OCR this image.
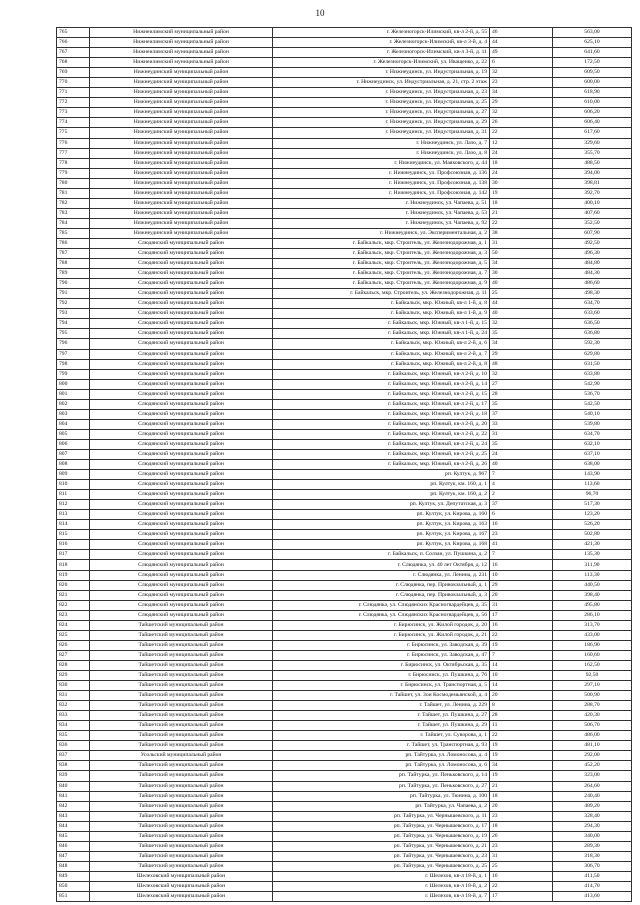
10
765	Нижнеилимский муниципальный район	г. Железногорск-Илимский, кв-л 2-й, д. 55	46	563,00
766	Нижнеилимский муниципальный район	г. Железногорск-Илимский, кв-л 3-й, д. 4	44	625,10
767	Нижнеилимский муниципальный район	г. Железногорск-Илимский, кв-л 3-й, д. 11	49	641,60
768	Нижнеилимский муниципальный район	г. Железногорск-Илимский, ул. Иващенко, д. 22	6	172,50
769	Нижнеудинский муниципальный район	г. Нижнеудинск, ул. Индустриальная, д. 19	32	609,50
770	Нижнеудинский муниципальный район	г. Нижнеудинск, ул. Индустриальная, д. 21, стр. 2 этаж	23	600,00
771	Нижнеудинский муниципальный район	г. Нижнеудинск, ул. Индустриальная, д. 23	34	618,90
772	Нижнеудинский муниципальный район	г. Нижнеудинск, ул. Индустриальная, д. 25	29	610,00
773	Нижнеудинский муниципальный район	г. Нижнеудинск, ул. Индустриальная, д. 27	32	606,20
774	Нижнеудинский муниципальный район	г. Нижнеудинск, ул. Индустриальная, д. 29	26	606,40
775	Нижнеудинский муниципальный район	г. Нижнеудинск, ул. Индустриальная, д. 31	22	617,60
776	Нижнеудинский муниципальный район	г. Нижнеудинск, ул. Лазо, д. 7	12	329,60
777	Нижнеудинский муниципальный район	г. Нижнеудинск, ул. Лазо, д. 8	24	355,70
778	Нижнеудинский муниципальный район	г. Нижнеудинск, ул. Маяковского, д. 44	18	488,50
779	Нижнеудинский муниципальный район	г. Нижнеудинск, ул. Профсоюзная, д. 136	24	394,00
780	Нижнеудинский муниципальный район	г. Нижнеудинск, ул. Профсоюзная, д. 138	30	398,81
781	Нижнеудинский муниципальный район	г. Нижнеудинск, ул. Профсоюзная, д. 142	19	392,70
782	Нижнеудинский муниципальный район	г. Нижнеудинск, ул. Чапаева, д. 51	18	400,10
783	Нижнеудинский муниципальный район	г. Нижнеудинск, ул. Чапаева, д. 53	21	407,60
784	Нижнеудинский муниципальный район	г. Нижнеудинск, ул. Чапаева, д. 92	22	352,50
785	Нижнеудинский муниципальный район	г. Нижнеудинск, ул. Экспериментальная, д. 2	38	607,90
786	Слюдянский муниципальный район	г. Байкальск, мкр. Строитель, ул. Железнодорожная, д. 1	31	492,50
787	Слюдянский муниципальный район	г. Байкальск, мкр. Строитель, ул. Железнодорожная, д. 3	50	496,30
788	Слюдянский муниципальный район	г. Байкальск, мкр. Строитель, ул. Железнодорожная, д. 5	34	484,80
789	Слюдянский муниципальный район	г. Байкальск, мкр. Строитель, ул. Железнодорожная, д. 7	30	484,30
790	Слюдянский муниципальный район	г. Байкальск, мкр. Строитель, ул. Железнодорожная, д. 9	40	486,60
791	Слюдянский муниципальный район	г. Байкальск, мкр. Строитель, ул. Железнодорожная, д. 11	25	498,30
792	Слюдянский муниципальный район	г. Байкальск, мкр. Южный, кв-л 1-й, д. 8	44	634,70
793	Слюдянский муниципальный район	г. Байкальск, мкр. Южный, кв-л 1-й, д. 9	40	633,60
794	Слюдянский муниципальный район	г. Байкальск, мкр. Южный, кв-л 1-й, д. 15	32	636,50
795	Слюдянский муниципальный район	г. Байкальск, мкр. Южный, кв-л 1-й, д. 24	35	636,80
796	Слюдянский муниципальный район	г. Байкальск, мкр. Южный, кв-л 2-й, д. 6	34	592,30
797	Слюдянский муниципальный район	г. Байкальск, мкр. Южный, кв-л 2-й, д. 7	29	629,80
798	Слюдянский муниципальный район	г. Байкальск, мкр. Южный, кв-л 2-й, д. 8	48	631,50
799	Слюдянский муниципальный район	г. Байкальск, мкр. Южный, кв-л 2-й, д. 10	32	633,80
800	Слюдянский муниципальный район	г. Байкальск, мкр. Южный, кв-л 2-й, д. 14	27	542,90
801	Слюдянский муниципальный район	г. Байкальск, мкр. Южный, кв-л 2-й, д. 15	28	536,70
802	Слюдянский муниципальный район	г. Байкальск, мкр. Южный, кв-л 2-й, д. 17	35	542,50
803	Слюдянский муниципальный район	г. Байкальск, мкр. Южный, кв-л 2-й, д. 18	37	540,10
804	Слюдянский муниципальный район	г. Байкальск, мкр. Южный, кв-л 2-й, д. 20	33	539,80
805	Слюдянский муниципальный район	г. Байкальск, мкр. Южный, кв-л 2-й, д. 22	31	634,70
806	Слюдянский муниципальный район	г. Байкальск, мкр. Южный, кв-л 2-й, д. 24	35	632,10
807	Слюдянский муниципальный район	г. Байкальск, мкр. Южный, кв-л 2-й, д. 25	24	637,10
808	Слюдянский муниципальный район	г. Байкальск, мкр. Южный, кв-л 2-й, д. 26	40	638,00
809	Слюдянский муниципальный район	рп. Култук, д. 967	7	143,90
810	Слюдянский муниципальный район	рп. Култук, км. 160, д. 1	4	113,60
811	Слюдянский муниципальный район	рп. Култук, км. 160, д. 2	2	96,70
812	Слюдянский муниципальный район	рп. Култук, ул. Депутатская, д. 3	37	517,30
813	Слюдянский муниципальный район	рп. Култук, ул. Кирова, д. 160	6	123,20
814	Слюдянский муниципальный район	рп. Култук, ул. Кирова, д. 163	16	526,20
815	Слюдянский муниципальный район	рп. Култук, ул. Кирова, д. 167	23	502,80
816	Слюдянский муниципальный район	рп. Култук, ул. Кирова, д. 168	41	421,30
817	Слюдянский муниципальный район	г. Байкальск, п. Солзан, ул. Пушкина, д. 2	7	135,30
818	Слюдянский муниципальный район	г. Слюдянка, ул. 40 лет Октября, д. 12	16	311,90
819	Слюдянский муниципальный район	г. Слюдянка, ул. Ленина, д. 231	10	113,30
820	Слюдянский муниципальный район	г. Слюдянка, пер. Привокзальный, д. 1	29	440,50
821	Слюдянский муниципальный район	г. Слюдянка, пер. Привокзальный, д. 3	20	398,40
822	Слюдянский муниципальный район	г. Слюдянка, ул. Слюдянских Красногвардейцев, д. 35	31	495,80
823	Слюдянский муниципальный район	г. Слюдянка, ул. Слюдянских Красногвардейцев, д. 56	17	286,10
824	Тайшетский муниципальный район	г. Бирюсинск, ул. Жилой городок, д. 20	16	313,70
825	Тайшетский муниципальный район	г. Бирюсинск, ул. Жилой городок, д. 21	22	433,00
826	Тайшетский муниципальный район	г. Бирюсинск, ул. Заводская, д. 39	19	186,90
827	Тайшетский муниципальный район	г. Бирюсинск, ул. Заводская, д. 47	7	160,60
828	Тайшетский муниципальный район	г. Бирюсинск, ул. Октябрьская, д. 35	14	162,50
829	Тайшетский муниципальный район	г. Бирюсинск, ул. Пушкина, д. 76	10	92,50
830	Тайшетский муниципальный район	г. Бирюсинск, ул. Транспортная, д. 5	14	297,10
831	Тайшетский муниципальный район	г. Тайшет, ул. Зои Космодемьянской, д. 4	20	500,90
832	Тайшетский муниципальный район	г. Тайшет, ул. Ленина, д. 229	8	288,70
833	Тайшетский муниципальный район	г. Тайшет, ул. Пушкина, д. 27	28	420,30
834	Тайшетский муниципальный район	г. Тайшет, ул. Пушкина, д. 29	11	506,70
835	Тайшетский муниципальный район	г. Тайшет, ул. Суворова, д. 1	22	486,00
836	Тайшетский муниципальный район	г. Тайшет, ул. Транспортная, д. 93	19	481,10
837	Усольский муниципальный район	рп. Тайтурка, ул. Ломоносова, д. 4	19	292,00
838	Тайшетский муниципальный район	рп. Тайтурка, ул. Ломоносова, д. 6	34	452,20
839	Тайшетский муниципальный район	рп. Тайтурка, ул. Пеньковского, д. 14	19	323,00
840	Тайшетский муниципальный район	рп. Тайтурка, ул. Пеньковского, д. 27	21	264,60
841	Тайшетский муниципальный район	рп. Тайтурка, ул. Тюнина, д. 100	18	240,40
842	Тайшетский муниципальный район	рп. Тайтурка, ул. Чапаева, д. 2	20	489,20
843	Тайшетский муниципальный район	рп. Тайтурка, ул. Чернышевского, д. 11	23	328,40
844	Тайшетский муниципальный район	рп. Тайтурка, ул. Чернышевского, д. 17	18	294,30
845	Тайшетский муниципальный район	рп. Тайтурка, ул. Чернышевского, д. 19	26	340,00
846	Тайшетский муниципальный район	рп. Тайтурка, ул. Чернышевского, д. 21	23	289,30
847	Тайшетский муниципальный район	рп. Тайтурка, ул. Чернышевского, д. 23	31	318,30
848	Тайшетский муниципальный район	рп. Тайтурка, ул. Чернышевского, д. 25	25	306,70
849	Шелеховский муниципальный район	г. Шелехов, кв-л 18-й, д. 1	16	411,50
850	Шелеховский муниципальный район	г. Шелехов, кв-л 18-й, д. 2	22	414,70
851	Шелеховский муниципальный район	г. Шелехов, кв-л 18-й, д. 7	17	413,60
